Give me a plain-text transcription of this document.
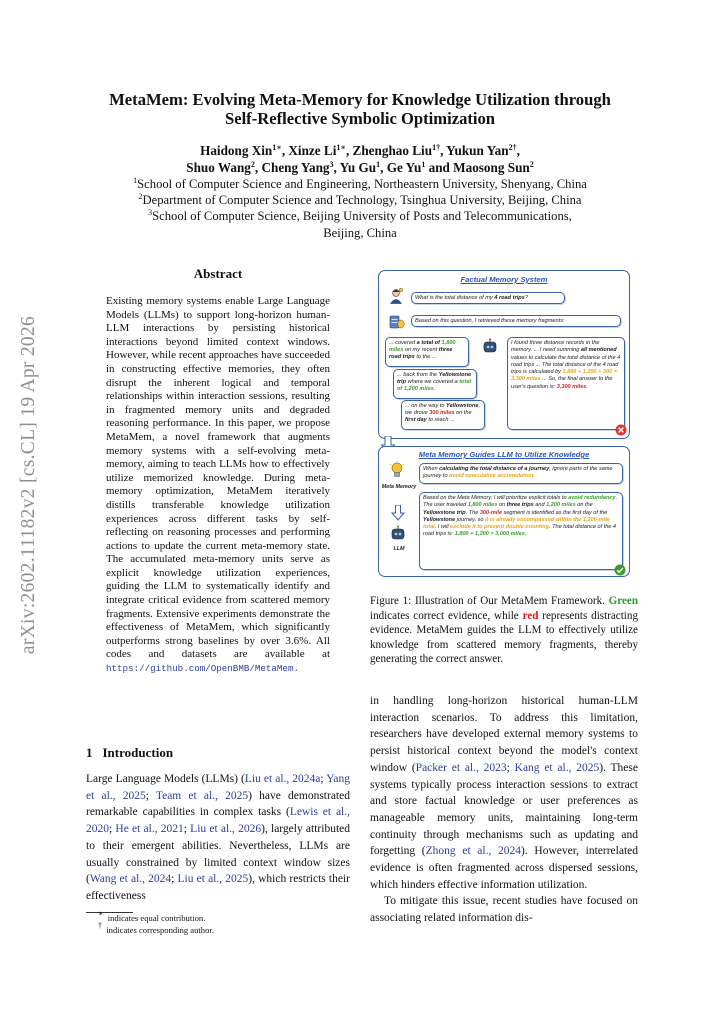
arXiv:2602.11182v2 [cs.CL] 19 Apr 2026
MetaMem: Evolving Meta-Memory for Knowledge Utilization through
Self-Reflective Symbolic Optimization
Haidong Xin$^{1∗}$, Xinze $Li^{1∗}$, Zhenghao Liu$^{1\dagger}$, Yukun Yan$^{2\dagger}$,
Shuo Wang$^2$, Cheng Yang$^3$, Yu Gu$^1$, Ge Yu$^1$ and Maosong Sun$^2$
$^1$School of Computer Science and Engineering, Northeastern University, Shenyang, China
$^2$Department of Computer Science and Technology, Tsinghua University, Beijing, China
$^3$School of Computer Science, Beijing University of Posts and Telecommunications,
Beijing, China
Abstract
Existing memory systems enable Large Language Models (LLMs) to support long-horizon human-LLM interactions by persisting historical interactions beyond limited context windows. However, while recent approaches have succeeded in constructing effective memories, they often disrupt the inherent logical and temporal relationships within interaction sessions, resulting in fragmented memory units and degraded reasoning performance. In this paper, we propose MetaMem, a novel framework that augments memory systems with a self-evolving meta-memory, aiming to teach LLMs how to effectively utilize memorized knowledge. During meta-memory optimization, MetaMem iteratively distills transferable knowledge utilization experiences across different tasks by self-reflecting on reasoning processes and performing actions to update the current meta-memory state. The accumulated meta-memory units serve as explicit knowledge utilization experiences, guiding the LLM to systematically identify and integrate critical evidence from scattered memory fragments. Extensive experiments demonstrate the effectiveness of MetaMem, which significantly outperforms strong baselines by over 3.6%. All codes and datasets are available at https://github.com/OpenBMB/MetaMem.
1 Introduction
Large Language Models (LLMs) (Liu et al., 2024a; Yang et al., 2025; Team et al., 2025) have demonstrated remarkable capabilities in complex tasks (Lewis et al., 2020; He et al., 2021; Liu et al., 2026), largely attributed to their emergent abilities. Nevertheless, LLMs are usually constrained by limited context window sizes (Wang et al., 2024; Liu et al., 2025), which restricts their effectiveness
∗ indicates equal contribution.
† indicates corresponding author.
Factual Memory System
What is the total distance of my 4 road trips?
Based on this question, I retrieved these memory fragments:
... covered a total of 1,800 miles on my recent three road trips to the ...
... back from the Yellowstone trip where we covered a total of 1,200 miles.
... on the way to Yellowstone, we drove 300 miles on the first day to reach ...
I found three distance records in the memory. ... I need summing all mentioned values to calculate the total distance of the 4 road trips ... The total distance of the 4 road trips is calculated by 1,800 + 1,200 + 300 = 3,300 miles ... So, the final answer to the user's question is: 3,300 miles.
Meta Memory Guides LLM to Utilize Knowledge
Meta Memory
When calculating the total distance of a journey, ignore parts of the same journey to avoid speculative accumulation.
LLM
Based on the Meta Memory, I will prioritize explicit totals to avoid redundancy. The user traveled 1,800 miles on three trips and 1,200 miles on the Yellowstone trip. The 300-mile segment is identified as the first day of the Yellowstone journey, so it is already encompassed within the 1,200-mile total. I will exclude it to prevent double-counting. The total distance of the 4 road trips is: 1,800 + 1,200 = 3,000 miles.
Figure 1: Illustration of Our MetaMem Framework. Green indicates correct evidence, while red represents distracting evidence. MetaMem guides the LLM to effectively utilize knowledge from scattered memory fragments, thereby generating the correct answer.

in handling long-horizon historical human-LLM interaction scenarios. To address this limitation, researchers have developed external memory systems to persist historical context beyond the model's context window (Packer et al., 2023; Kang et al., 2025). These systems typically process interaction sessions to extract and store factual knowledge or user preferences as manageable memory units, maintaining long-term continuity through mechanisms such as updating and forgetting (Zhong et al., 2024). However, interrelated evidence is often fragmented across dispersed sessions, which hinders effective information utilization.

To mitigate this issue, recent studies have focused on associating related information dis-
